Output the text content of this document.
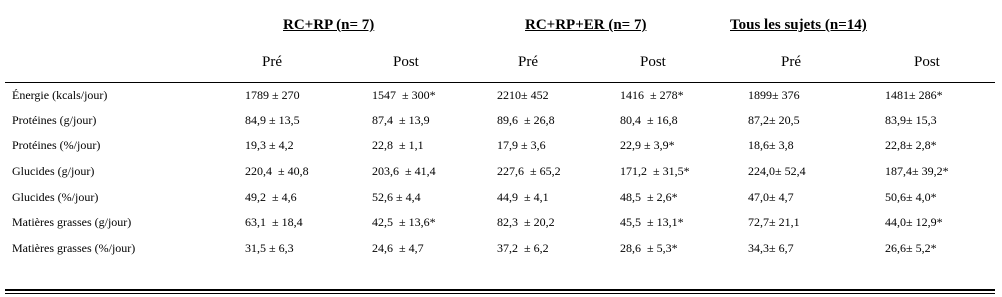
RC+RP (n= 7)	RC+RP+ER (n= 7)	Tous les sujets (n=14)
Pré	Post	Pré	Post	Pré	Post
Énergie (kcals/jour)	1789 ± 270	1547  ± 300*	2210± 452	1416  ± 278*	1899± 376	1481± 286*
Protéines (g/jour)	84,9 ± 13,5	87,4  ± 13,9	89,6  ± 26,8	80,4  ± 16,8	87,2± 20,5	83,9± 15,3
Protéines (%/jour)	19,3 ± 4,2	22,8  ± 1,1	17,9 ± 3,6	22,9 ± 3,9*	18,6± 3,8	22,8± 2,8*
Glucides (g/jour)	220,4  ± 40,8	203,6  ± 41,4	227,6  ± 65,2	171,2  ± 31,5*	224,0± 52,4	187,4± 39,2*
Glucides (%/jour)	49,2  ± 4,6	52,6 ± 4,4	44,9  ± 4,1	48,5  ± 2,6*	47,0± 4,7	50,6± 4,0*
Matières grasses (g/jour)	63,1  ± 18,4	42,5  ± 13,6*	82,3  ± 20,2	45,5  ± 13,1*	72,7± 21,1	44,0± 12,9*
Matières grasses (%/jour)	31,5 ± 6,3	24,6  ± 4,7	37,2  ± 6,2	28,6  ± 5,3*	34,3± 6,7	26,6± 5,2*
